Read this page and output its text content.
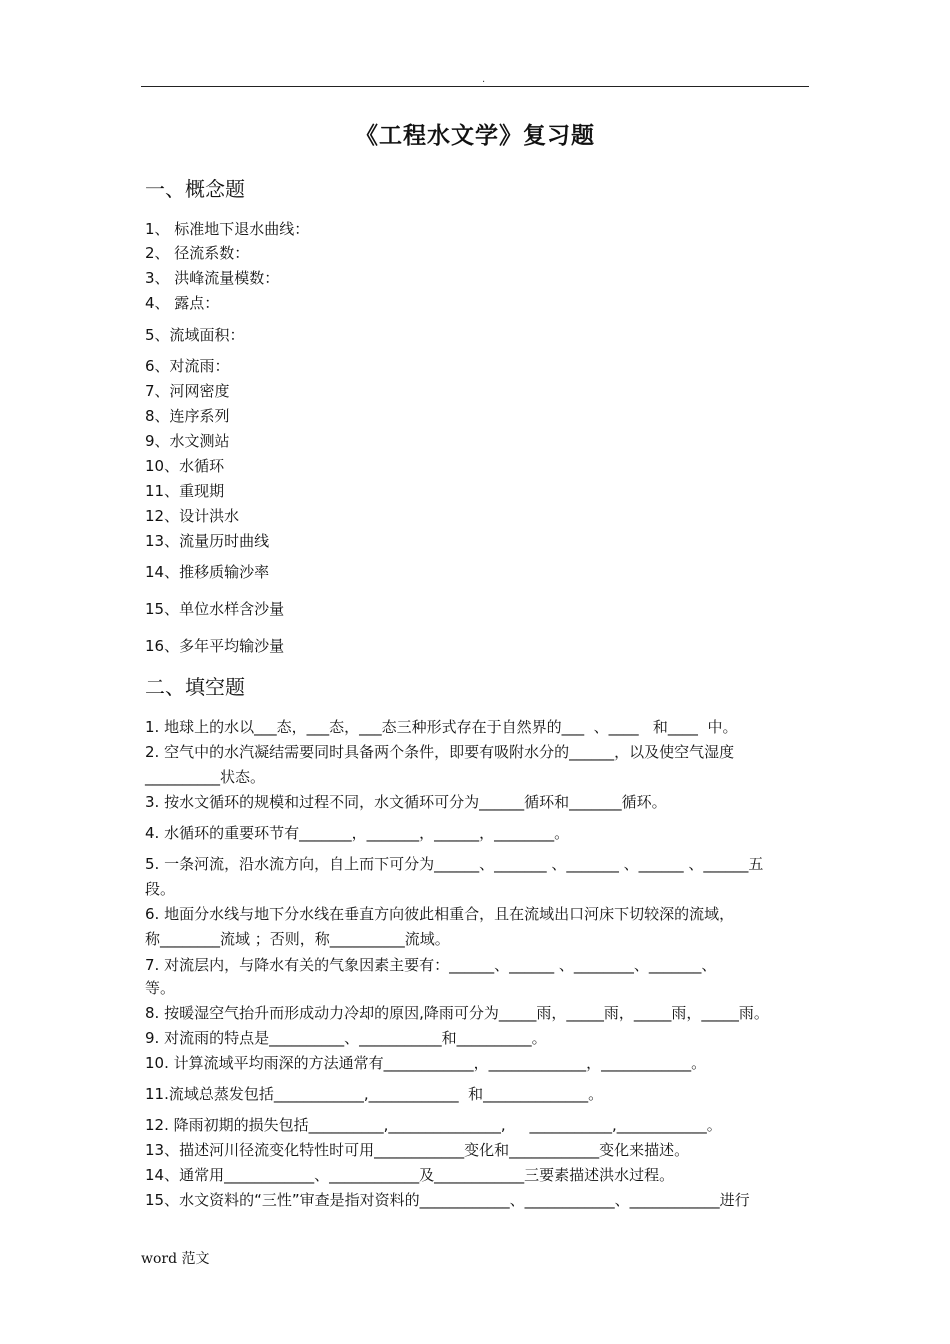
.
《工程水文学》复习题
一、概念题
1、 标准地下退水曲线：
2、 径流系数：
3、 洪峰流量模数：
4、 露点：
5、流域面积：
6、对流雨：
7、河网密度
8、连序系列
9、水文测站
10、水循环
11、重现期
12、设计洪水
13、流量历时曲线
14、推移质输沙率
15、单位水样含沙量
16、多年平均输沙量
二、填空题
1. 地球上的水以___态，___态，___态三种形式存在于自然界的___  、____   和____  中。
2. 空气中的水汽凝结需要同时具备两个条件，即要有吸附水分的______，以及使空气湿度
__________状态。
3. 按水文循环的规模和过程不同，水文循环可分为______循环和_______循环。
4. 水循环的重要环节有_______，_______，______，________。
5. 一条河流，沿水流方向，自上而下可分为______、_______ 、_______ 、______ 、______五
段。
6. 地面分水线与地下分水线在垂直方向彼此相重合，且在流域出口河床下切较深的流域，
称________流域 ；否则，称__________流域。
7. 对流层内，与降水有关的气象因素主要有：______、______ 、________、_______、
等。
8. 按暖湿空气抬升而形成动力冷却的原因,降雨可分为_____雨，_____雨，_____雨，_____雨。
9. 对流雨的特点是__________、___________和__________。
10. 计算流域平均雨深的方法通常有____________，_____________，____________。
11.流域总蒸发包括____________,____________  和______________。
12. 降雨初期的损失包括__________,_______________,     ___________,____________。
13、描述河川径流变化特性时可用____________变化和____________变化来描述。
14、通常用____________、____________及____________三要素描述洪水过程。
15、水文资料的“三性”审查是指对资料的____________、____________、____________进行
word 范文
